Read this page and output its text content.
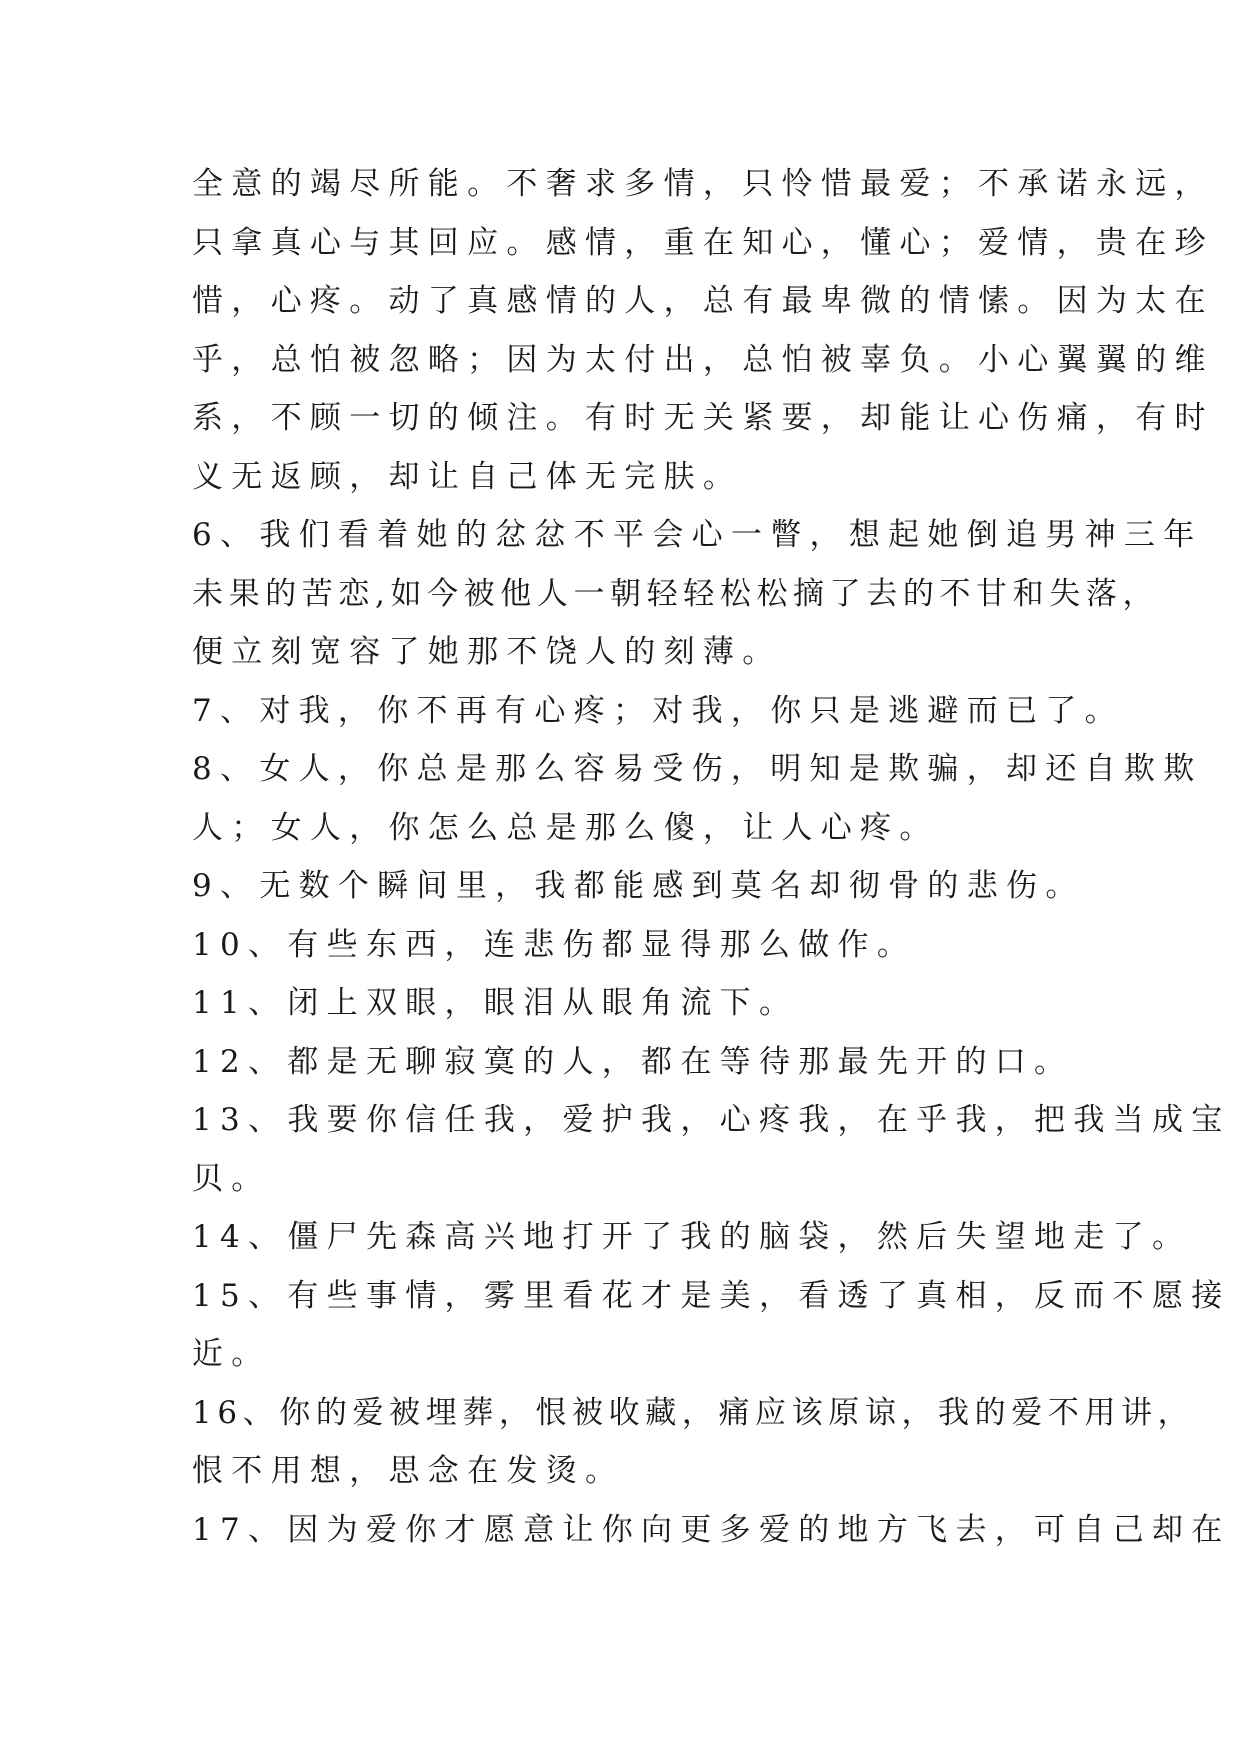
全意的竭尽所能。不奢求多情，只怜惜最爱；不承诺永远，
只拿真心与其回应。感情，重在知心，懂心；爱情，贵在珍
惜，心疼。动了真感情的人，总有最卑微的情愫。因为太在
乎，总怕被忽略；因为太付出，总怕被辜负。小心翼翼的维
系，不顾一切的倾注。有时无关紧要，却能让心伤痛，有时
义无返顾，却让自己体无完肤。
6、我们看着她的忿忿不平会心一瞥，想起她倒追男神三年
未果的苦恋,如今被他人一朝轻轻松松摘了去的不甘和失落，
便立刻宽容了她那不饶人的刻薄。
7、对我，你不再有心疼；对我，你只是逃避而已了。
8、女人，你总是那么容易受伤，明知是欺骗，却还自欺欺
人；女人，你怎么总是那么傻，让人心疼。
9、无数个瞬间里，我都能感到莫名却彻骨的悲伤。
10、有些东西，连悲伤都显得那么做作。
11、闭上双眼，眼泪从眼角流下。
12、都是无聊寂寞的人，都在等待那最先开的口。
13、我要你信任我，爱护我，心疼我，在乎我，把我当成宝
贝。
14、僵尸先森高兴地打开了我的脑袋，然后失望地走了。
15、有些事情，雾里看花才是美，看透了真相，反而不愿接
近。
16、你的爱被埋葬，恨被收藏，痛应该原谅，我的爱不用讲，
恨不用想，思念在发烫。
17、因为爱你才愿意让你向更多爱的地方飞去，可自己却在
